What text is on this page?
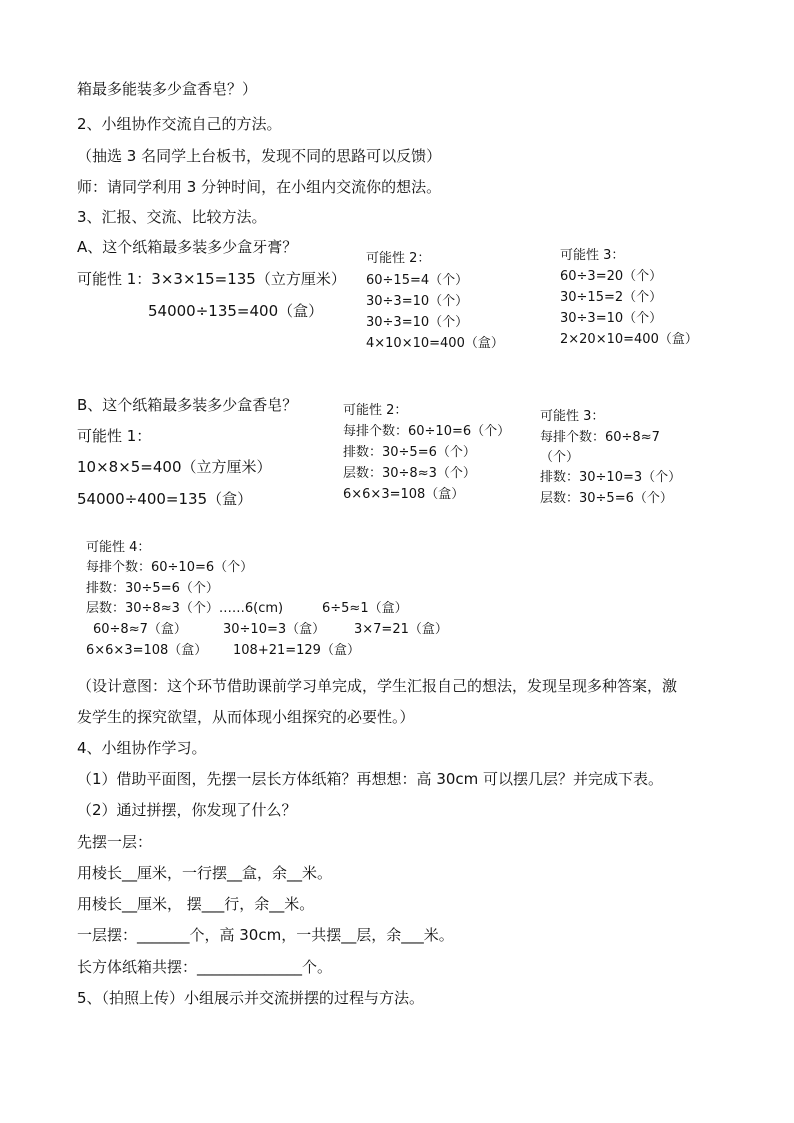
箱最多能装多少盒香皂？）
2、小组协作交流自己的方法。
（抽选 3 名同学上台板书，发现不同的思路可以反馈）
师：请同学利用 3 分钟时间，在小组内交流你的想法。
3、汇报、交流、比较方法。
A、这个纸箱最多装多少盒牙膏？
可能性 1：3×3×15=135（立方厘米）
54000÷135=400（盒）
可能性 2：
60÷15=4（个）
30÷3=10（个）
30÷3=10（个）
4×10×10=400（盒）
可能性 3：
60÷3=20（个）
30÷15=2（个）
30÷3=10（个）
2×20×10=400（盒）
B、这个纸箱最多装多少盒香皂？
可能性 1：
10×8×5=400（立方厘米）
54000÷400=135（盒）
可能性 2：
每排个数：60÷10=6（个）
排数：30÷5=6（个）
层数：30÷8≈3（个）
6×6×3=108（盒）
可能性 3：
每排个数：60÷8≈7
（个）
排数：30÷10=3（个）
层数：30÷5=6（个）
可能性 4：
每排个数：60÷10=6（个）
排数：30÷5=6（个）
层数：30÷8≈3（个）……6(cm)	6÷5≈1（盒）
60÷8≈7（盒）	30÷10=3（盒） 3×7=21（盒）
6×6×3=108（盒） 108+21=129（盒）
（设计意图：这个环节借助课前学习单完成，学生汇报自己的想法，发现呈现多种答案，激
发学生的探究欲望，从而体现小组探究的必要性。）
4、小组协作学习。
（1）借助平面图，先摆一层长方体纸箱？再想想：高 30cm 可以摆几层？并完成下表。
（2）通过拼摆，你发现了什么？
先摆一层：
用棱长__厘米，一行摆__盒，余__米。
用棱长__厘米， 摆___行，余__米。
一层摆：_______个，高 30cm，一共摆__层，余___米。
长方体纸箱共摆：______________个。
5、（拍照上传）小组展示并交流拼摆的过程与方法。
